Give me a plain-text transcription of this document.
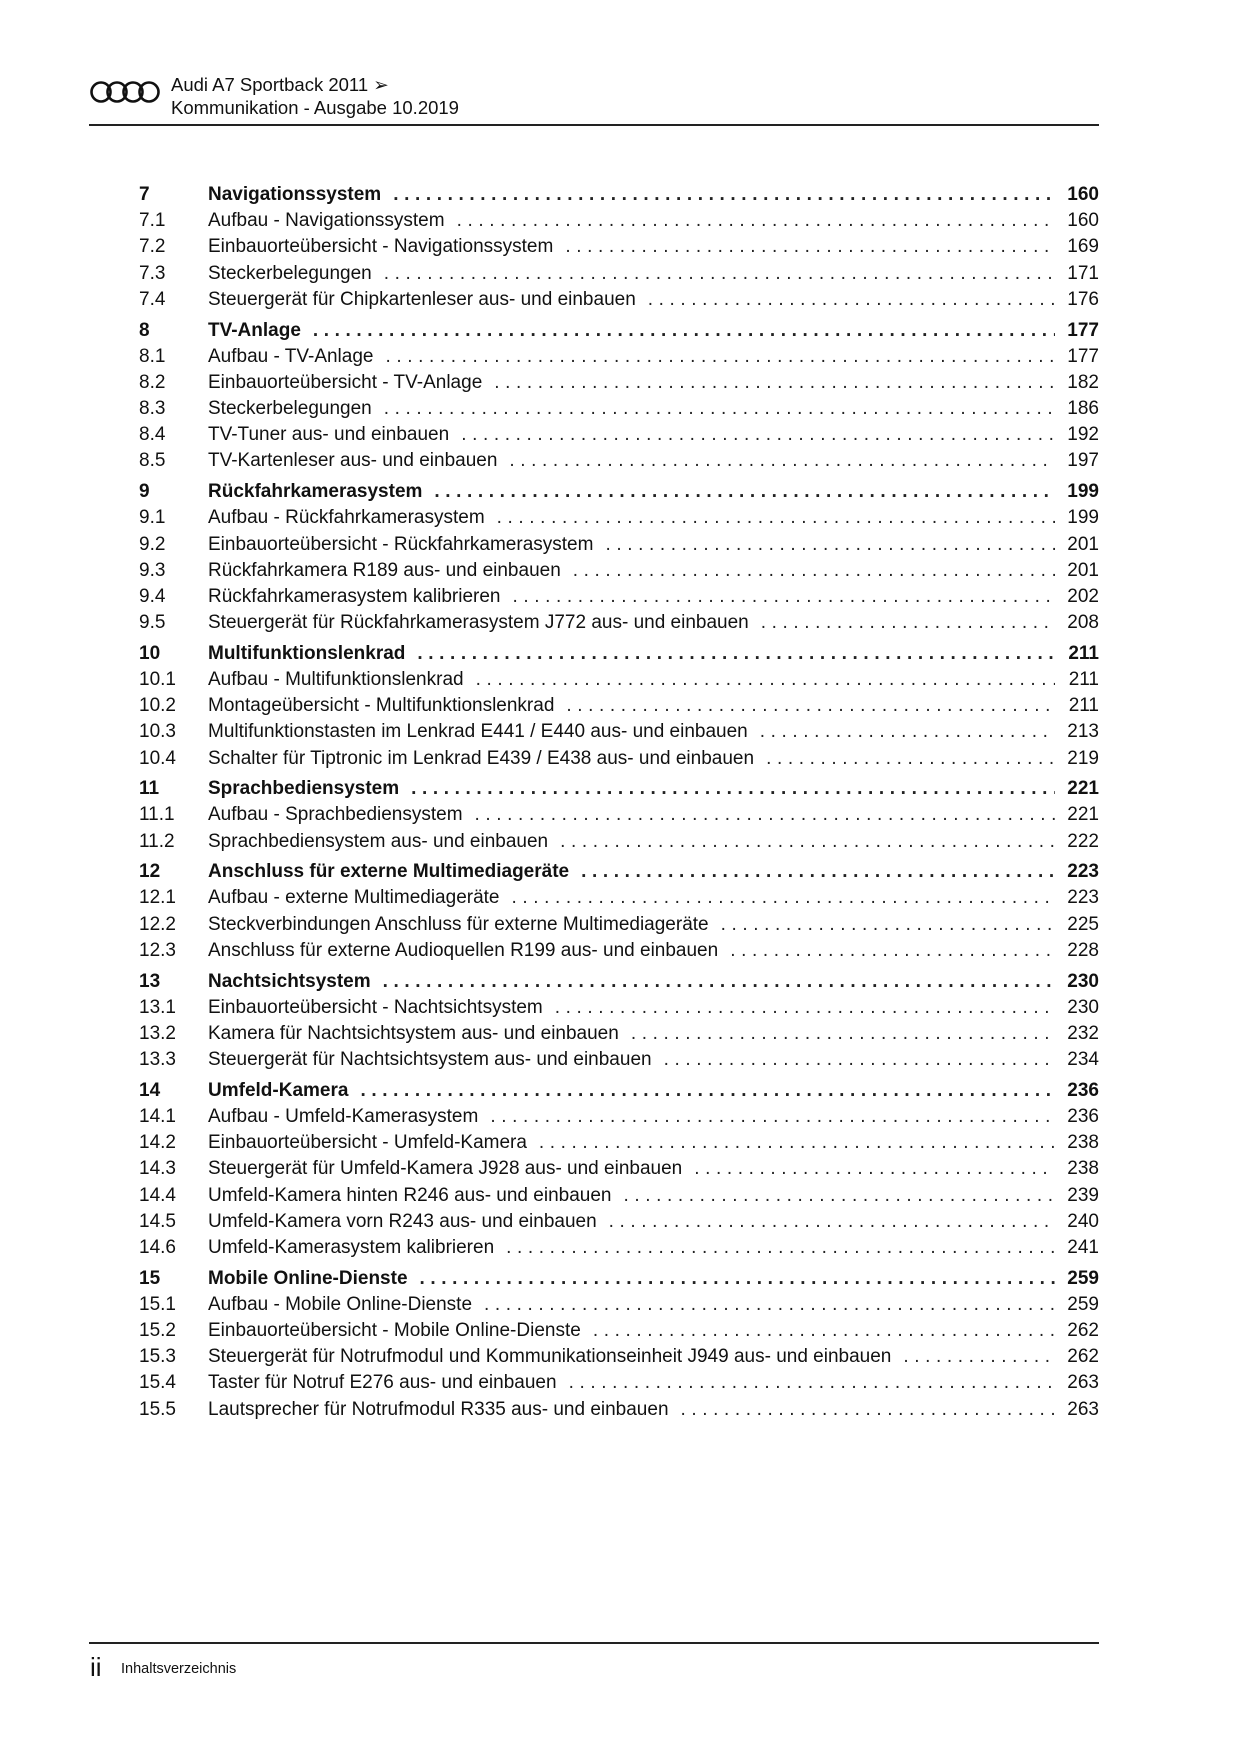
Audi A7 Sportback 2011 ➢
Kommunikation - Ausgabe 10.2019
7	Navigationssystem .....	160
7.1	Aufbau - Navigationssystem .....	160
7.2	Einbauorteübersicht - Navigationssystem .....	169
7.3	Steckerbelegungen .....	171
7.4	Steuergerät für Chipkartenleser aus- und einbauen .....	176
8	TV-Anlage .....	177
8.1	Aufbau - TV-Anlage .....	177
8.2	Einbauorteübersicht - TV-Anlage .....	182
8.3	Steckerbelegungen .....	186
8.4	TV-Tuner aus- und einbauen .....	192
8.5	TV-Kartenleser aus- und einbauen .....	197
9	Rückfahrkamerasystem .....	199
9.1	Aufbau - Rückfahrkamerasystem .....	199
9.2	Einbauorteübersicht - Rückfahrkamerasystem .....	201
9.3	Rückfahrkamera R189 aus- und einbauen .....	201
9.4	Rückfahrkamerasystem kalibrieren .....	202
9.5	Steuergerät für Rückfahrkamerasystem J772 aus- und einbauen .....	208
10	Multifunktionslenkrad .....	211
10.1	Aufbau - Multifunktionslenkrad .....	211
10.2	Montageübersicht - Multifunktionslenkrad .....	211
10.3	Multifunktionstasten im Lenkrad E441 / E440 aus- und einbauen .....	213
10.4	Schalter für Tiptronic im Lenkrad E439 / E438 aus- und einbauen .....	219
11	Sprachbediensystem .....	221
11.1	Aufbau - Sprachbediensystem .....	221
11.2	Sprachbediensystem aus- und einbauen .....	222
12	Anschluss für externe Multimediageräte .....	223
12.1	Aufbau - externe Multimediageräte .....	223
12.2	Steckverbindungen Anschluss für externe Multimediageräte .....	225
12.3	Anschluss für externe Audioquellen R199 aus- und einbauen .....	228
13	Nachtsichtsystem .....	230
13.1	Einbauorteübersicht - Nachtsichtsystem .....	230
13.2	Kamera für Nachtsichtsystem aus- und einbauen .....	232
13.3	Steuergerät für Nachtsichtsystem aus- und einbauen .....	234
14	Umfeld-Kamera .....	236
14.1	Aufbau - Umfeld-Kamerasystem .....	236
14.2	Einbauorteübersicht - Umfeld-Kamera .....	238
14.3	Steuergerät für Umfeld-Kamera J928 aus- und einbauen .....	238
14.4	Umfeld-Kamera hinten R246 aus- und einbauen .....	239
14.5	Umfeld-Kamera vorn R243 aus- und einbauen .....	240
14.6	Umfeld-Kamerasystem kalibrieren .....	241
15	Mobile Online-Dienste .....	259
15.1	Aufbau - Mobile Online-Dienste .....	259
15.2	Einbauorteübersicht - Mobile Online-Dienste .....	262
15.3	Steuergerät für Notrufmodul und Kommunikationseinheit J949 aus- und einbauen .....	262
15.4	Taster für Notruf E276 aus- und einbauen .....	263
15.5	Lautsprecher für Notrufmodul R335 aus- und einbauen .....	263
ii Inhaltsverzeichnis
